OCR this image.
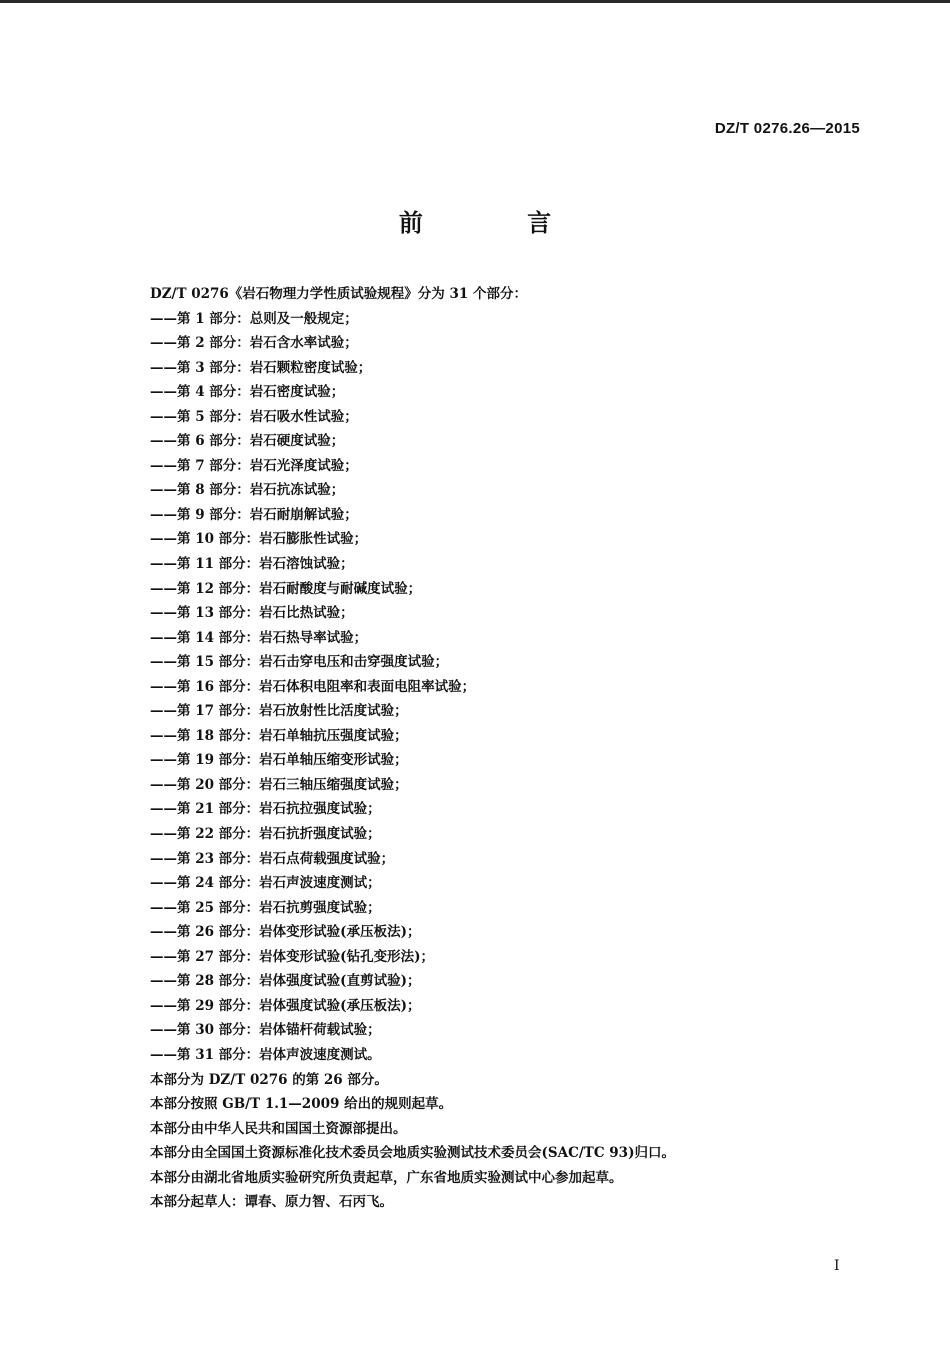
DZ/T 0276.26—2015
前 言
DZ/T 0276《岩石物理力学性质试验规程》分为 31 个部分：
——第 1 部分：总则及一般规定；
——第 2 部分：岩石含水率试验；
——第 3 部分：岩石颗粒密度试验；
——第 4 部分：岩石密度试验；
——第 5 部分：岩石吸水性试验；
——第 6 部分：岩石硬度试验；
——第 7 部分：岩石光泽度试验；
——第 8 部分：岩石抗冻试验；
——第 9 部分：岩石耐崩解试验；
——第 10 部分：岩石膨胀性试验；
——第 11 部分：岩石溶蚀试验；
——第 12 部分：岩石耐酸度与耐碱度试验；
——第 13 部分：岩石比热试验；
——第 14 部分：岩石热导率试验；
——第 15 部分：岩石击穿电压和击穿强度试验；
——第 16 部分：岩石体积电阻率和表面电阻率试验；
——第 17 部分：岩石放射性比活度试验；
——第 18 部分：岩石单轴抗压强度试验；
——第 19 部分：岩石单轴压缩变形试验；
——第 20 部分：岩石三轴压缩强度试验；
——第 21 部分：岩石抗拉强度试验；
——第 22 部分：岩石抗折强度试验；
——第 23 部分：岩石点荷载强度试验；
——第 24 部分：岩石声波速度测试；
——第 25 部分：岩石抗剪强度试验；
——第 26 部分：岩体变形试验(承压板法)；
——第 27 部分：岩体变形试验(钻孔变形法)；
——第 28 部分：岩体强度试验(直剪试验)；
——第 29 部分：岩体强度试验(承压板法)；
——第 30 部分：岩体锚杆荷载试验；
——第 31 部分：岩体声波速度测试。
本部分为 DZ/T 0276 的第 26 部分。
本部分按照 GB/T 1.1—2009 给出的规则起草。
本部分由中华人民共和国国土资源部提出。
本部分由全国国土资源标准化技术委员会地质实验测试技术委员会(SAC/TC 93)归口。
本部分由湖北省地质实验研究所负责起草，广东省地质实验测试中心参加起草。
本部分起草人：谭春、原力智、石丙飞。
I
